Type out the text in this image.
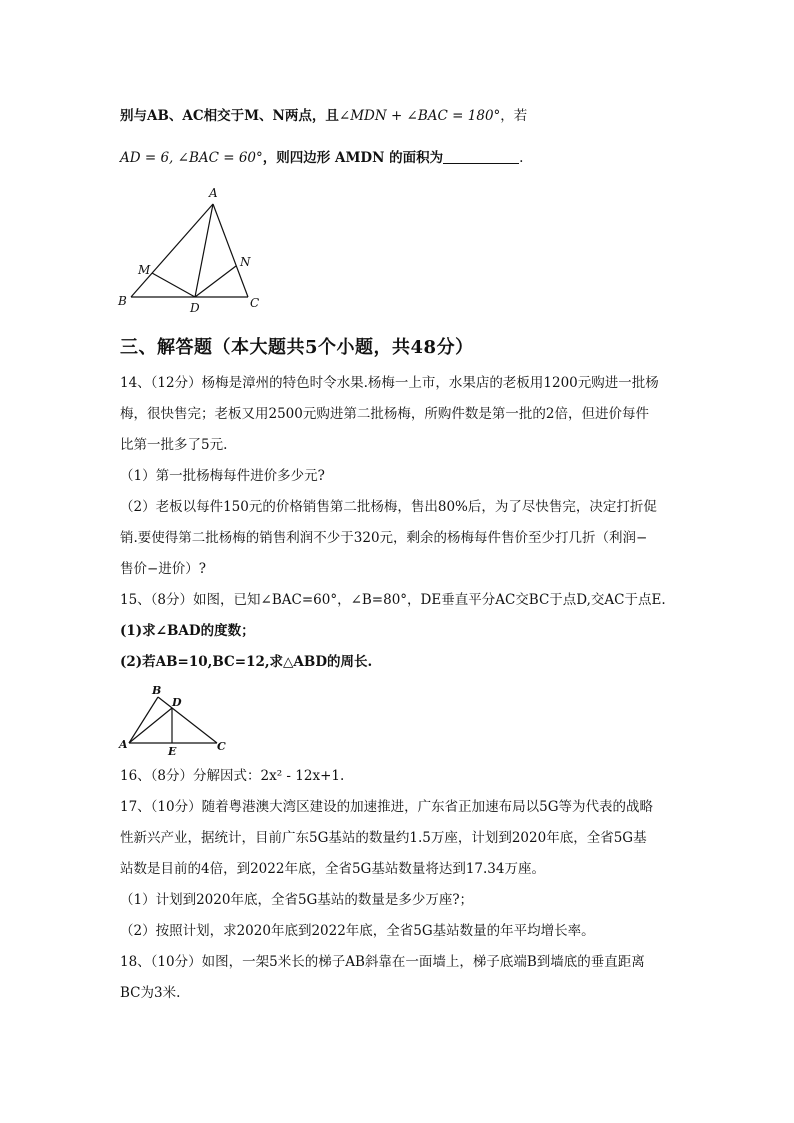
别与AB、AC相交于M、N两点，且∠MDN + ∠BAC = 180°，若
AD = 6, ∠BAC = 60°，则四边形 AMDN 的面积为	.
A
B	C
D
M
N
三、解答题（本大题共5个小题，共48分）
14、（12分）杨梅是漳州的特色时令水果.杨梅一上市，水果店的老板用1200元购进一批杨
梅，很快售完；老板又用2500元购进第二批杨梅，所购件数是第一批的2倍，但进价每件
比第一批多了5元.
（1）第一批杨梅每件进价多少元?
（2）老板以每件150元的价格销售第二批杨梅，售出80%后，为了尽快售完，决定打折促
销.要使得第二批杨梅的销售利润不少于320元，剩余的杨梅每件售价至少打几折（利润−
售价−进价）?
15、（8分）如图，已知∠BAC=60°，∠B=80°，DE垂直平分AC交BC于点D,交AC于点E.
(1)求∠BAD的度数；
(2)若AB=10,BC=12,求△ABD的周长.
B
D
A
E	C
16、（8分）分解因式：2x² - 12x+1.
17、（10分）随着粤港澳大湾区建设的加速推进，广东省正加速布局以5G等为代表的战略
性新兴产业，据统计，目前广东5G基站的数量约1.5万座，计划到2020年底，全省5G基
站数是目前的4倍，到2022年底，全省5G基站数量将达到17.34万座。
（1）计划到2020年底，全省5G基站的数量是多少万座?；
（2）按照计划，求2020年底到2022年底，全省5G基站数量的年平均增长率。
18、（10分）如图，一架5米长的梯子AB斜靠在一面墙上，梯子底端B到墙底的垂直距离
BC为3米.
